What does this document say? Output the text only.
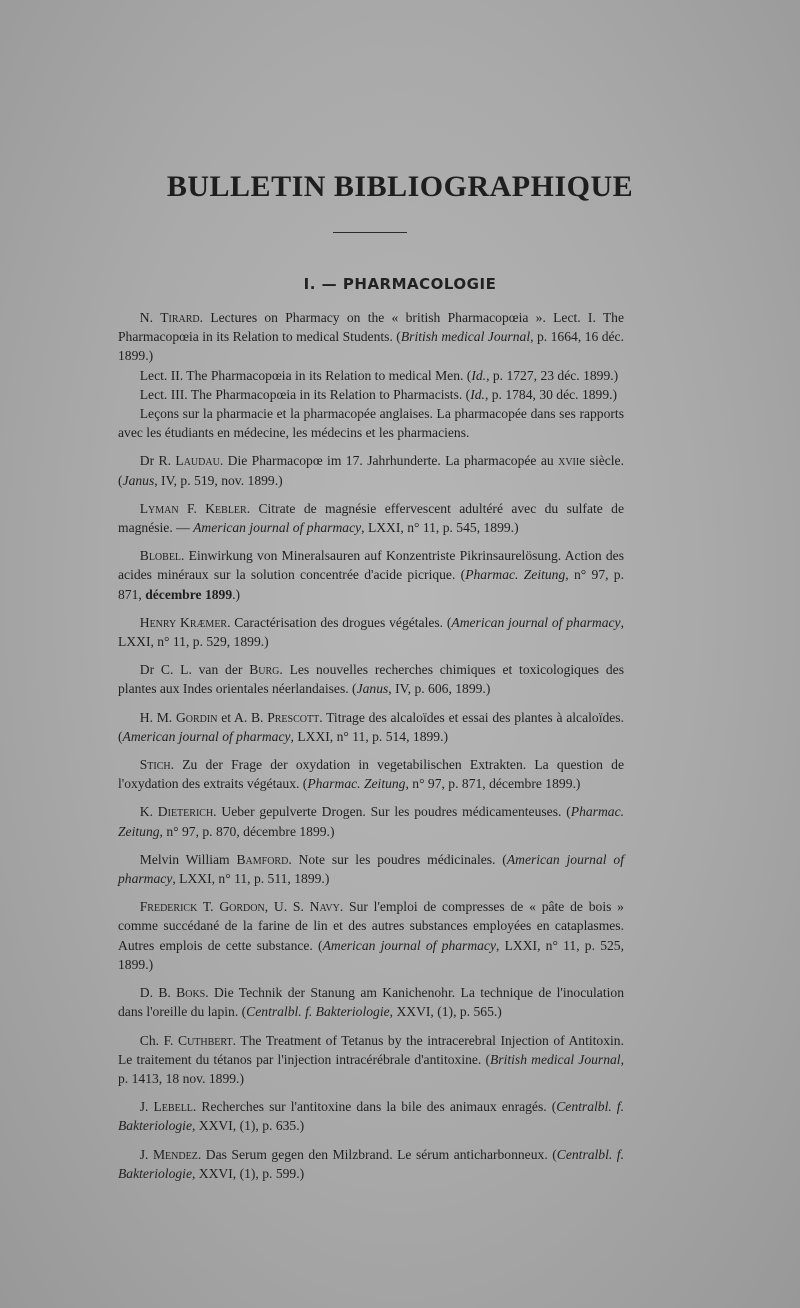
BULLETIN BIBLIOGRAPHIQUE
I. — PHARMACOLOGIE

N. Tirard. Lectures on Pharmacy on the « british Pharmacopœia ». Lect. I. The Pharmacopœia in its Relation to medical Students. (British medical Journal, p. 1664, 16 déc. 1899.)

Lect. II. The Pharmacopœia in its Relation to medical Men. (Id., p. 1727, 23 déc. 1899.)

Lect. III. The Pharmacopœia in its Relation to Pharmacists. (Id., p. 1784, 30 déc. 1899.)

Leçons sur la pharmacie et la pharmacopée anglaises. La pharmacopée dans ses rapports avec les étudiants en médecine, les médecins et les pharmaciens.

Dr R. Laudau. Die Pharmacopœ im 17. Jahrhunderte. La pharmacopée au xviie siècle. (Janus, IV, p. 519, nov. 1899.)

Lyman F. Kebler. Citrate de magnésie effervescent adultéré avec du sulfate de magnésie. — American journal of pharmacy, LXXI, n° 11, p. 545, 1899.)

Blobel. Einwirkung von Mineralsauren auf Konzentriste Pikrinsaurelösung. Action des acides minéraux sur la solution concentrée d'acide picrique. (Pharmac. Zeitung, n° 97, p. 871, décembre 1899.)

Henry Kræmer. Caractérisation des drogues végétales. (American journal of pharmacy, LXXI, n° 11, p. 529, 1899.)

Dr C. L. van der Burg. Les nouvelles recherches chimiques et toxicologiques des plantes aux Indes orientales néerlandaises. (Janus, IV, p. 606, 1899.)

H. M. Gordin et A. B. Prescott. Titrage des alcaloïdes et essai des plantes à alcaloïdes. (American journal of pharmacy, LXXI, n° 11, p. 514, 1899.)

Stich. Zu der Frage der oxydation in vegetabilischen Extrakten. La question de l'oxydation des extraits végétaux. (Pharmac. Zeitung, n° 97, p. 871, décembre 1899.)

K. Dieterich. Ueber gepulverte Drogen. Sur les poudres médicamenteuses. (Pharmac. Zeitung, n° 97, p. 870, décembre 1899.)

Melvin William Bamford. Note sur les poudres médicinales. (American journal of pharmacy, LXXI, n° 11, p. 511, 1899.)

Frederick T. Gordon, U. S. Navy. Sur l'emploi de compresses de « pâte de bois » comme succédané de la farine de lin et des autres substances employées en cataplasmes. Autres emplois de cette substance. (American journal of pharmacy, LXXI, n° 11, p. 525, 1899.)

D. B. Boks. Die Technik der Stanung am Kanichenohr. La technique de l'inoculation dans l'oreille du lapin. (Centralbl. f. Bakteriologie, XXVI, (1), p. 565.)

Ch. F. Cuthbert. The Treatment of Tetanus by the intracerebral Injection of Antitoxin. Le traitement du tétanos par l'injection intracérébrale d'antitoxine. (British medical Journal, p. 1413, 18 nov. 1899.)

J. Lebell. Recherches sur l'antitoxine dans la bile des animaux enragés. (Centralbl. f. Bakteriologie, XXVI, (1), p. 635.)

J. Mendez. Das Serum gegen den Milzbrand. Le sérum anticharbonneux. (Centralbl. f. Bakteriologie, XXVI, (1), p. 599.)
